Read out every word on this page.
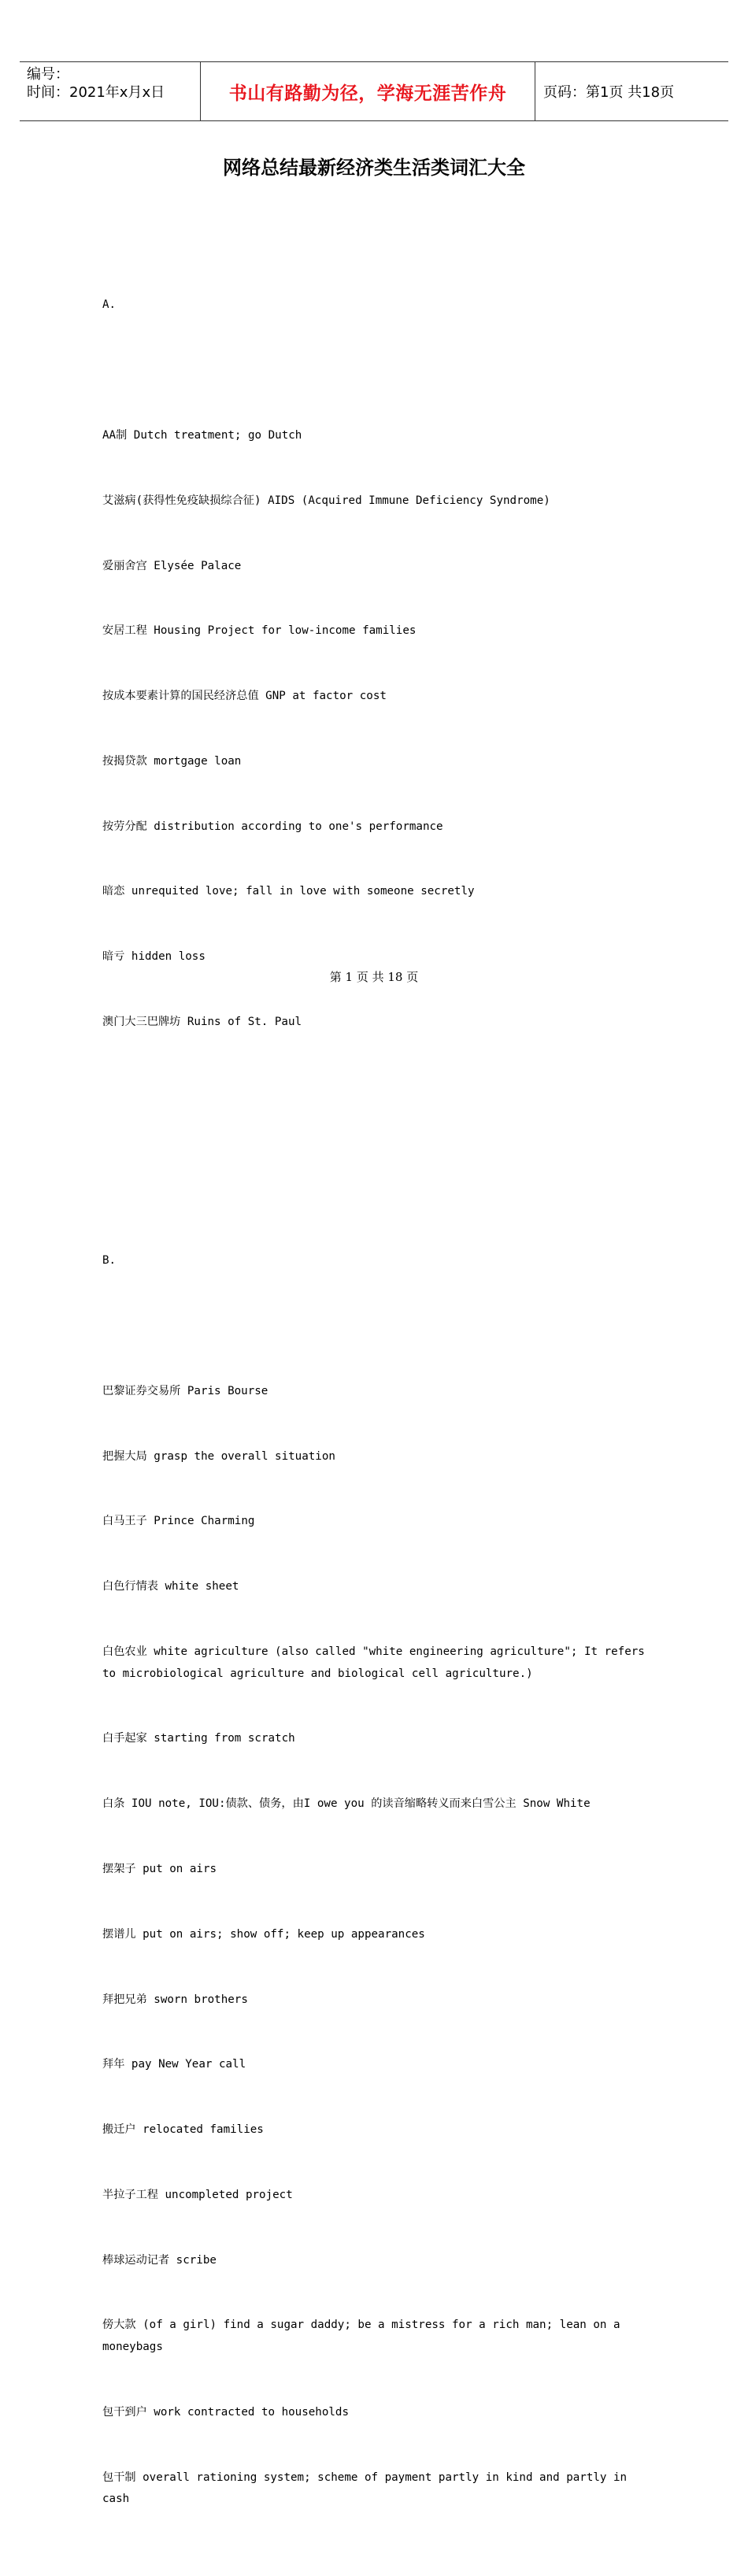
编号：
时间：2021年x月x日	书山有路勤为径，学海无涯苦作舟	页码：第1页 共18页
网络总结最新经济类生活类词汇大全

A.

AA制 Dutch treatment; go Dutch

艾滋病(获得性免疫缺损综合征) AIDS (Acquired Immune Deficiency Syndrome)

爱丽舍宫 Elysée Palace

安居工程 Housing Project for low-income families

按成本要素计算的国民经济总值 GNP at factor cost

按揭贷款 mortgage loan

按劳分配 distribution according to one's performance

暗恋 unrequited love; fall in love with someone secretly

暗亏 hidden loss

澳门大三巴牌坊 Ruins of St. Paul

B.

巴黎证券交易所 Paris Bourse

把握大局 grasp the overall situation

白马王子 Prince Charming

白色行情表 white sheet

白色农业 white agriculture (also called "white engineering agriculture"; It refers to microbiological agriculture and biological cell agriculture.)

白手起家 starting from scratch

白条 IOU note, IOU:债款、债务，由I owe you 的读音缩略转义而来白雪公主 Snow White

摆架子 put on airs

摆谱儿 put on airs; show off; keep up appearances

拜把兄弟 sworn brothers

拜年 pay New Year call

搬迁户 relocated families

半拉子工程 uncompleted project

棒球运动记者 scribe

傍大款 (of a girl) find a sugar daddy; be a mistress for a rich man; lean on a moneybags

包干到户 work contracted to households

包干制 overall rationing system; scheme of payment partly in kind and partly in cash

第 1 页 共 18 页
